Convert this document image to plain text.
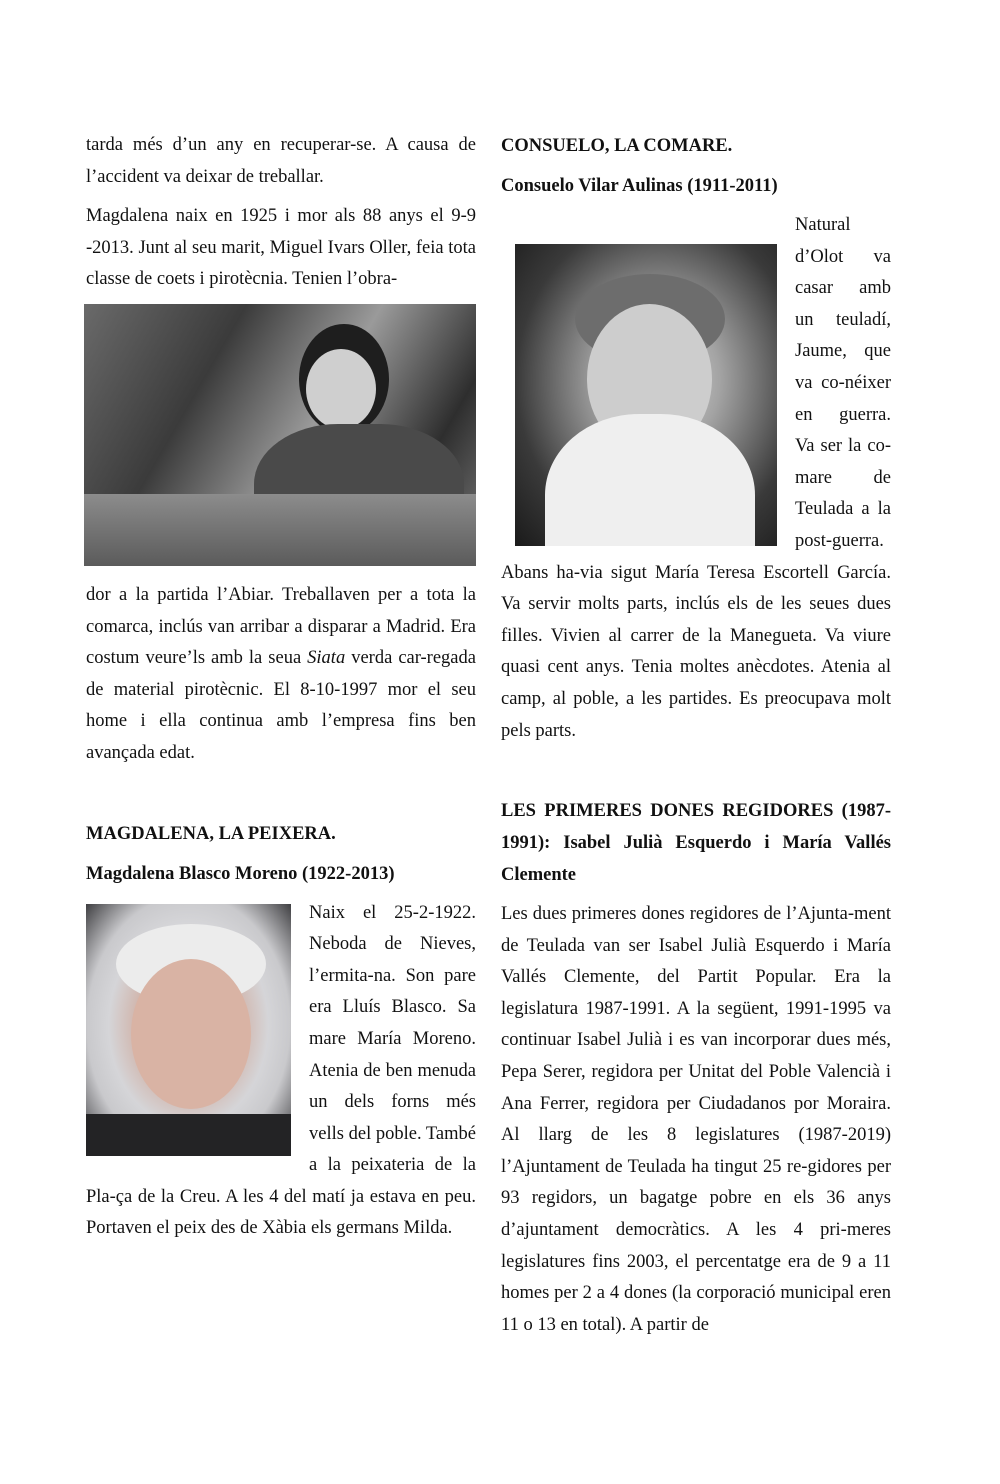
tarda més d’un any en recuperar-se. A causa de l’accident va deixar de treballar.

Magdalena naix en 1925 i mor als 88 anys el 9-9 -2013. Junt al seu marit, Miguel Ivars Oller, feia tota classe de coets i pirotècnia. Tenien l’obra-

dor a la partida l’Abiar. Treballaven per a tota la comarca, inclús van arribar a disparar a Madrid. Era costum veure’ls amb la seua Siata verda car-regada de material pirotècnic. El 8-10-1997 mor el seu home i ella continua amb l’empresa fins ben avançada edat.

MAGDALENA, LA PEIXERA.
Magdalena Blasco Moreno (1922-2013)

Naix el 25-2-1922. Neboda de Nieves, l’ermita-na. Son pare era Lluís Blasco. Sa mare María Moreno. Atenia de ben menuda un dels forns més vells del poble. També a la peixateria de la Pla-ça de la Creu. A les 4 del matí ja estava en peu. Portaven el peix des de Xàbia els germans Milda.

CONSUELO, LA COMARE.
Consuelo Vilar Aulinas (1911-2011)

Natural d’Olot va casar amb un teuladí, Jaume, que va co-néixer en guerra. Va ser la co-mare de Teulada a la post-guerra. Abans ha-via sigut María Teresa Escortell García. Va servir molts parts, inclús els de les seues dues filles. Vivien al carrer de la Manegueta. Va viure quasi cent anys. Tenia moltes anècdotes. Atenia al camp, al poble, a les partides. Es preocupava molt pels parts.

LES PRIMERES DONES REGIDORES (1987-1991): Isabel Julià Esquerdo i María Vallés Clemente

Les dues primeres dones regidores de l’Ajunta-ment de Teulada van ser Isabel Julià Esquerdo i María Vallés Clemente, del Partit Popular. Era la legislatura 1987-1991. A la següent, 1991-1995 va continuar Isabel Julià i es van incorporar dues més, Pepa Serer, regidora per Unitat del Poble Valencià i Ana Ferrer, regidora per Ciudadanos por Moraira. Al llarg de les 8 legislatures (1987-2019) l’Ajuntament de Teulada ha tingut 25 re-gidores per 93 regidors, un bagatge pobre en els 36 anys d’ajuntament democràtics. A les 4 pri-meres legislatures fins 2003, el percentatge era de 9 a 11 homes per 2 a 4 dones (la corporació municipal eren 11 o 13 en total). A partir de
